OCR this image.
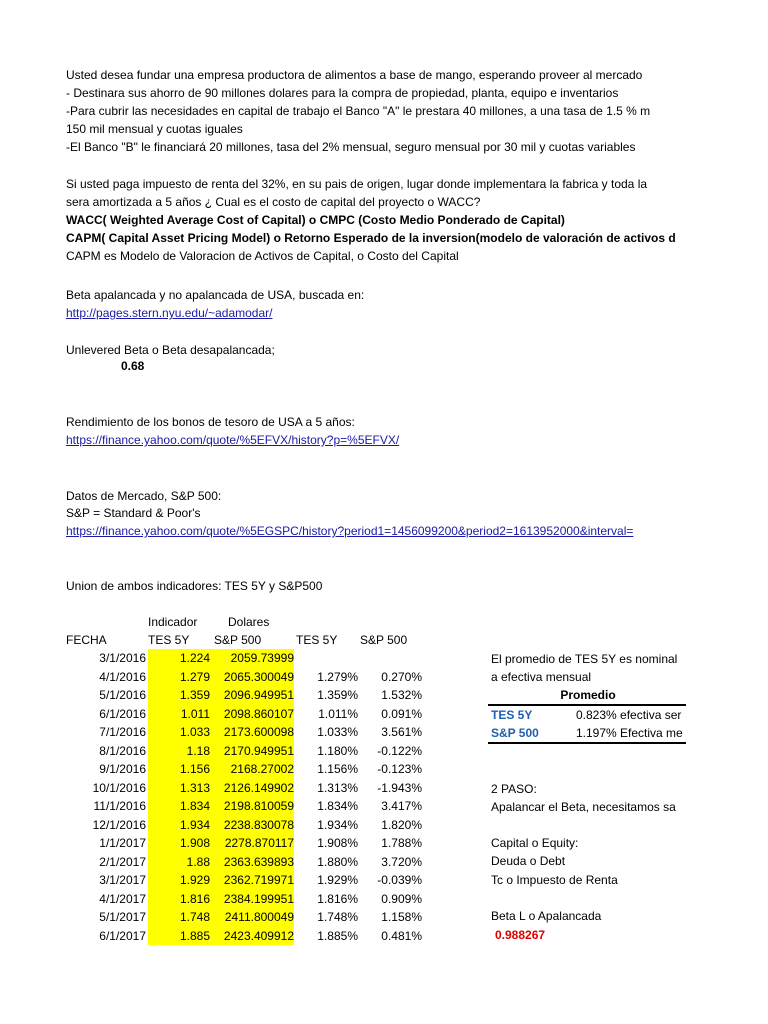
Usted desea fundar una empresa productora de alimentos a base de mango, esperando proveer al mercado
- Destinara sus ahorro de 90 millones dolares para la compra de propiedad, planta, equipo e inventarios
-Para cubrir las necesidades en capital de trabajo el Banco "A" le prestara 40 millones, a una tasa de 1.5 % m
150 mil mensual y cuotas iguales
-El Banco "B" le financiará 20 millones, tasa del 2% mensual, seguro mensual por 30 mil y cuotas variables
Si usted paga impuesto de renta del 32%, en su pais de origen, lugar donde implementara la fabrica y toda la
sera amortizada a 5 años ¿ Cual es el costo de capital del proyecto o WACC?
WACC( Weighted Average Cost of Capital) o CMPC (Costo Medio Ponderado de Capital)
CAPM( Capital Asset Pricing Model) o Retorno Esperado de la inversion(modelo de valoración de activos d
CAPM es Modelo de Valoracion de Activos de Capital, o Costo del Capital
Beta apalancada y no apalancada de USA, buscada en:
http://pages.stern.nyu.edu/~adamodar/
Unlevered Beta o Beta desapalancada;
0.68
Rendimiento de los bonos de tesoro de USA a 5 años:
https://finance.yahoo.com/quote/%5EFVX/history?p=%5EFVX/
Datos de Mercado, S&P 500:
S&P = Standard & Poor's
https://finance.yahoo.com/quote/%5EGSPC/history?period1=1456099200&period2=1613952000&interval=
Union de ambos indicadores: TES 5Y y S&P500
Indicador	Dolares
FECHA	TES 5Y S&P 500	TES 5Y S&P 500
3/1/2016	1.224	2059.73999
4/1/2016	1.279	2065.300049	1.279%	0.270%
5/1/2016	1.359	2096.949951	1.359%	1.532%
6/1/2016	1.011	2098.860107	1.011%	0.091%
7/1/2016	1.033	2173.600098	1.033%	3.561%
8/1/2016	1.18	2170.949951	1.180%	-0.122%
9/1/2016	1.156	2168.27002	1.156%	-0.123%
10/1/2016	1.313	2126.149902	1.313%	-1.943%
11/1/2016	1.834	2198.810059	1.834%	3.417%
12/1/2016	1.934	2238.830078	1.934%	1.820%
1/1/2017	1.908	2278.870117	1.908%	1.788%
2/1/2017	1.88	2363.639893	1.880%	3.720%
3/1/2017	1.929	2362.719971	1.929%	-0.039%
4/1/2017	1.816	2384.199951	1.816%	0.909%
5/1/2017	1.748	2411.800049	1.748%	1.158%
6/1/2017	1.885	2423.409912	1.885%	0.481%
El promedio de TES 5Y es nominal
a efectiva mensual
Promedio
TES 5Y	0.823% efectiva ser
S&P 500	1.197% Efectiva me
2 PASO:
Apalancar el Beta, necesitamos sa
Capital o Equity:
Deuda o Debt
Tc o Impuesto de Renta
Beta L o Apalancada
0.988267
